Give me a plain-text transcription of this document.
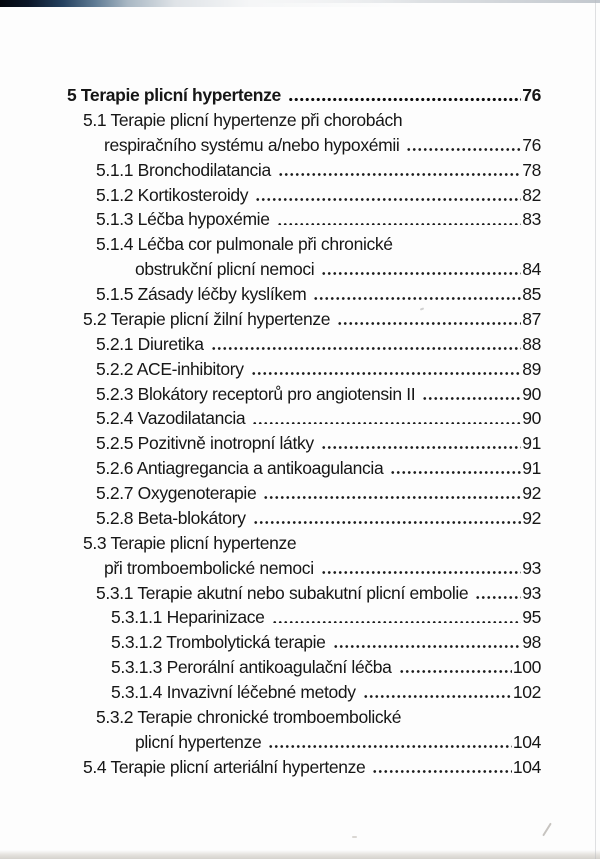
5 Terapie plicní hypertenze	76
5.1 Terapie plicní hypertenze při chorobách
respiračního systému a/nebo hypoxémii	76
5.1.1 Bronchodilatancia	78
5.1.2 Kortikosteroidy	82
5.1.3 Léčba hypoxémie	83
5.1.4 Léčba cor pulmonale při chronické
obstrukční plicní nemoci	84
5.1.5 Zásady léčby kyslíkem	85
5.2 Terapie plicní žilní hypertenze	87
5.2.1 Diuretika	88
5.2.2 ACE-inhibitory	89
5.2.3 Blokátory receptorů pro angiotensin II	90
5.2.4 Vazodilatancia	90
5.2.5 Pozitivně inotropní látky	91
5.2.6 Antiagregancia a antikoagulancia	91
5.2.7 Oxygenoterapie	92
5.2.8 Beta-blokátory	92
5.3 Terapie plicní hypertenze
při tromboembolické nemoci	93
5.3.1 Terapie akutní nebo subakutní plicní embolie	93
5.3.1.1 Heparinizace	95
5.3.1.2 Trombolytická terapie	98
5.3.1.3 Perorální antikoagulační léčba	100
5.3.1.4 Invazivní léčebné metody	102
5.3.2 Terapie chronické tromboembolické
plicní hypertenze	104
5.4 Terapie plicní arteriální hypertenze	104
